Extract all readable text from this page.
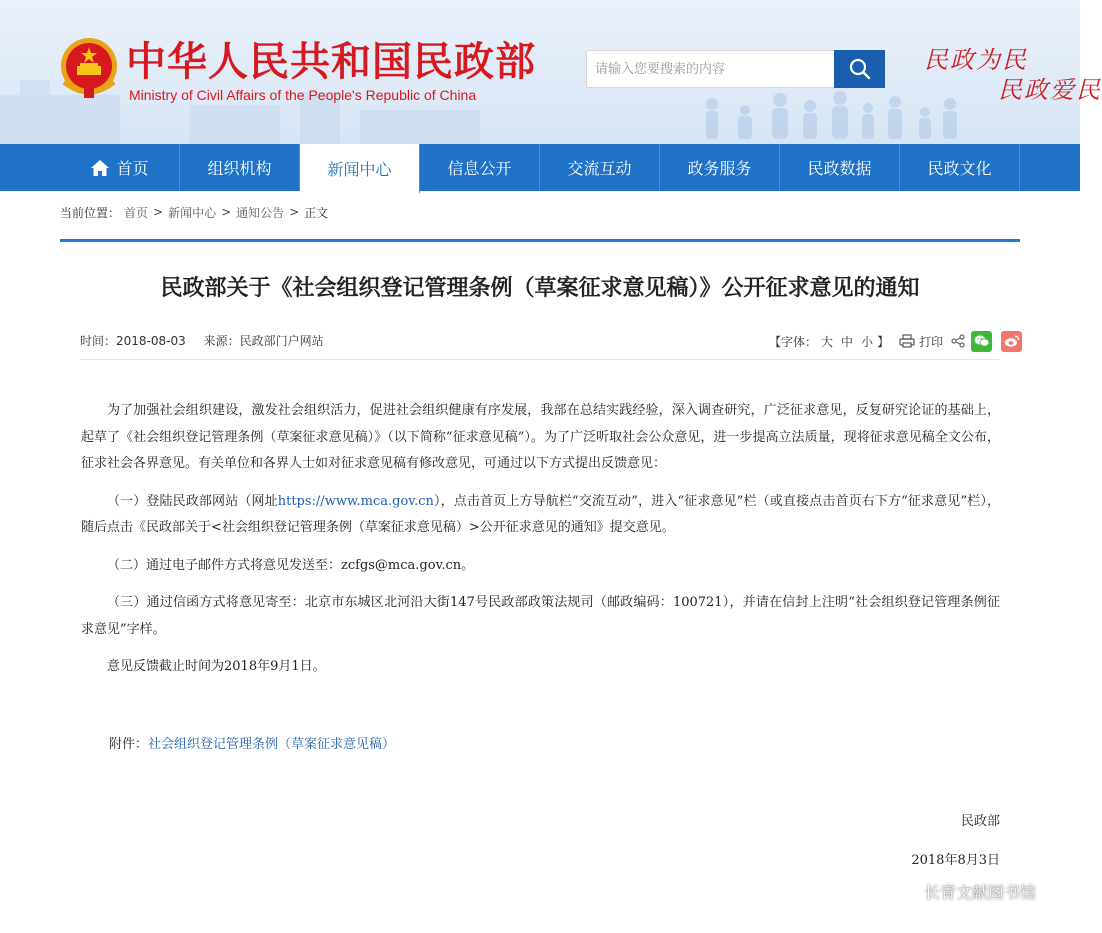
中华人民共和国民政部
Ministry of Civil Affairs of the People's Republic of China
请输入您要搜索的内容
民政为民
民政爱民
首页	组织机构	新闻中心	信息公开	交流互动	政务服务	民政数据	民政文化
当前位置： 首页 > 新闻中心 > 通知公告 > 正文
民政部关于《社会组织登记管理条例（草案征求意见稿）》公开征求意见的通知
时间：2018-08-03 来源：民政部门户网站	【字体： 大 中 小 】	打印

为了加强社会组织建设，激发社会组织活力，促进社会组织健康有序发展，我部在总结实践经验，深入调查研究，广泛征求意见，反复研究论证的基础上，起草了《社会组织登记管理条例（草案征求意见稿）》（以下简称“征求意见稿”）。为了广泛听取社会公众意见，进一步提高立法质量，现将征求意见稿全文公布，征求社会各界意见。有关单位和各界人士如对征求意见稿有修改意见，可通过以下方式提出反馈意见：

（一）登陆民政部网站（网址https://www.mca.gov.cn），点击首页上方导航栏“交流互动”，进入“征求意见”栏（或直接点击首页右下方“征求意见”栏），随后点击《民政部关于<社会组织登记管理条例（草案征求意见稿）>公开征求意见的通知》提交意见。

（二）通过电子邮件方式将意见发送至：zcfgs@mca.gov.cn。

（三）通过信函方式将意见寄至：北京市东城区北河沿大街147号民政部政策法规司（邮政编码：100721），并请在信封上注明“社会组织登记管理条例征求意见”字样。

意见反馈截止时间为2018年9月1日。

附件：社会组织登记管理条例（草案征求意见稿）
民政部
2018年8月3日
长青文献图书馆
